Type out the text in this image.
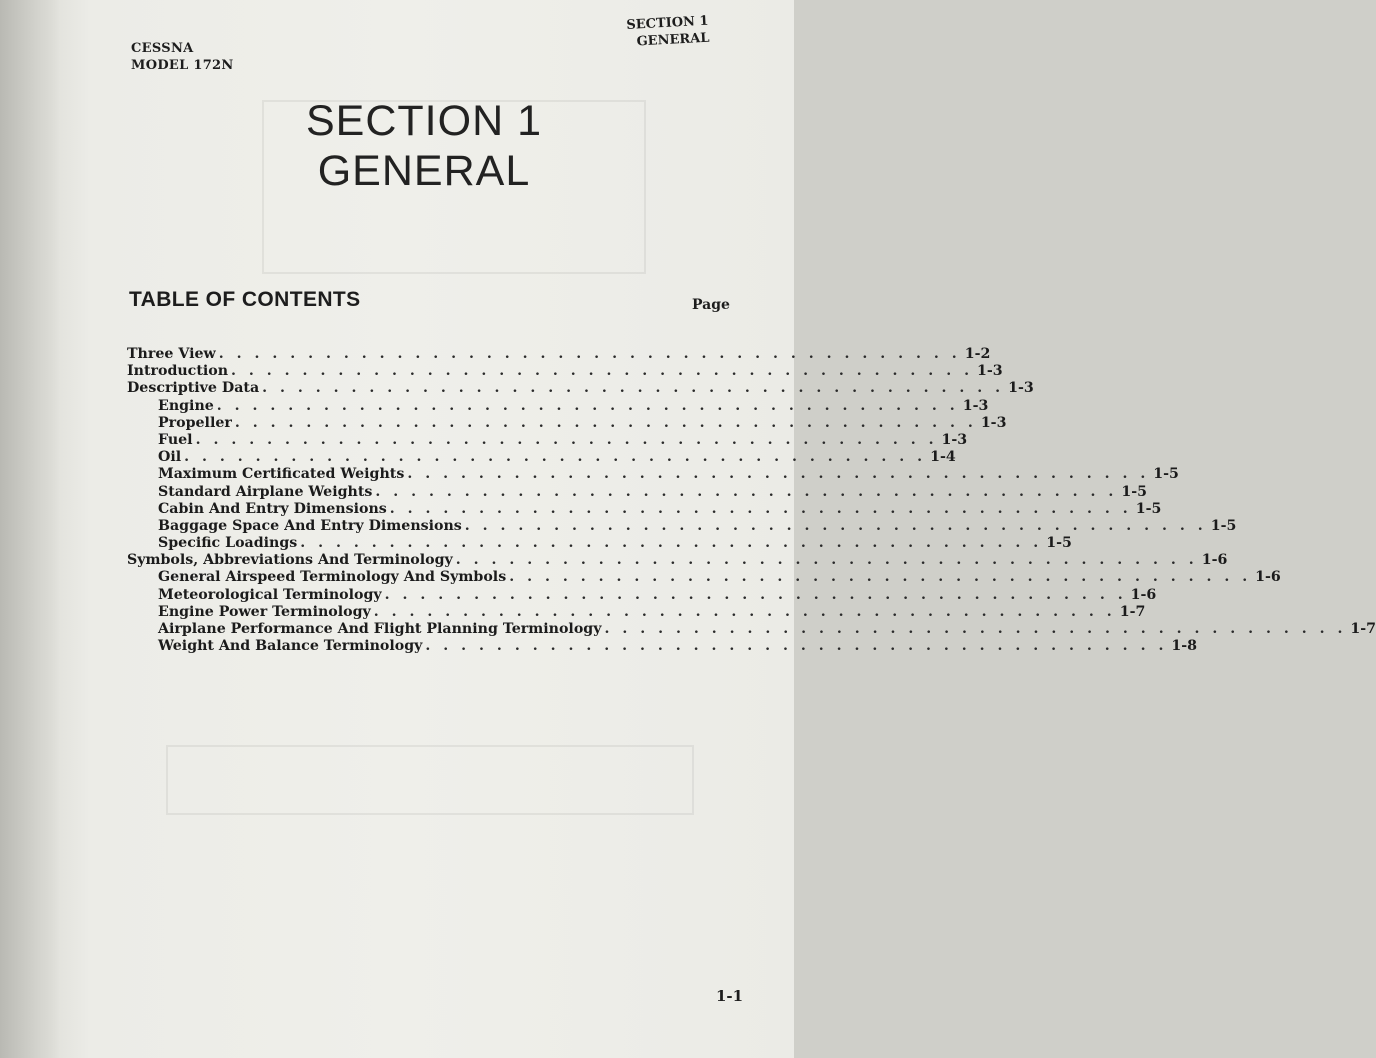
CESSNA
MODEL 172N
SECTION 1
GENERAL
SECTION 1
GENERAL
TABLE OF CONTENTS	Page
Three View . . . . . . . . . . . . . . . . . . . . . . . . . . . . . . . . . . . . . . . . . . 1-2
Introduction . . . . . . . . . . . . . . . . . . . . . . . . . . . . . . . . . . . . . . . . . . 1-3
Descriptive Data . . . . . . . . . . . . . . . . . . . . . . . . . . . . . . . . . . . . . . . . . . 1-3
Engine . . . . . . . . . . . . . . . . . . . . . . . . . . . . . . . . . . . . . . . . . . 1-3
Propeller . . . . . . . . . . . . . . . . . . . . . . . . . . . . . . . . . . . . . . . . . . 1-3
Fuel . . . . . . . . . . . . . . . . . . . . . . . . . . . . . . . . . . . . . . . . . . 1-3
Oil . . . . . . . . . . . . . . . . . . . . . . . . . . . . . . . . . . . . . . . . . . 1-4
Maximum Certificated Weights . . . . . . . . . . . . . . . . . . . . . . . . . . . . . . . . . . . . . . . . . . 1-5
Standard Airplane Weights . . . . . . . . . . . . . . . . . . . . . . . . . . . . . . . . . . . . . . . . . . 1-5
Cabin And Entry Dimensions . . . . . . . . . . . . . . . . . . . . . . . . . . . . . . . . . . . . . . . . . . 1-5
Baggage Space And Entry Dimensions . . . . . . . . . . . . . . . . . . . . . . . . . . . . . . . . . . . . . . . . . . 1-5
Specific Loadings . . . . . . . . . . . . . . . . . . . . . . . . . . . . . . . . . . . . . . . . . . 1-5
Symbols, Abbreviations And Terminology . . . . . . . . . . . . . . . . . . . . . . . . . . . . . . . . . . . . . . . . . . 1-6
General Airspeed Terminology And Symbols . . . . . . . . . . . . . . . . . . . . . . . . . . . . . . . . . . . . . . . . . . 1-6
Meteorological Terminology . . . . . . . . . . . . . . . . . . . . . . . . . . . . . . . . . . . . . . . . . . 1-6
Engine Power Terminology . . . . . . . . . . . . . . . . . . . . . . . . . . . . . . . . . . . . . . . . . . 1-7
Airplane Performance And Flight Planning Terminology . . . . . . . . . . . . . . . . . . . . . . . . . . . . . . . . . . . . . . . . . . 1-7
Weight And Balance Terminology . . . . . . . . . . . . . . . . . . . . . . . . . . . . . . . . . . . . . . . . . . 1-8
1-1
